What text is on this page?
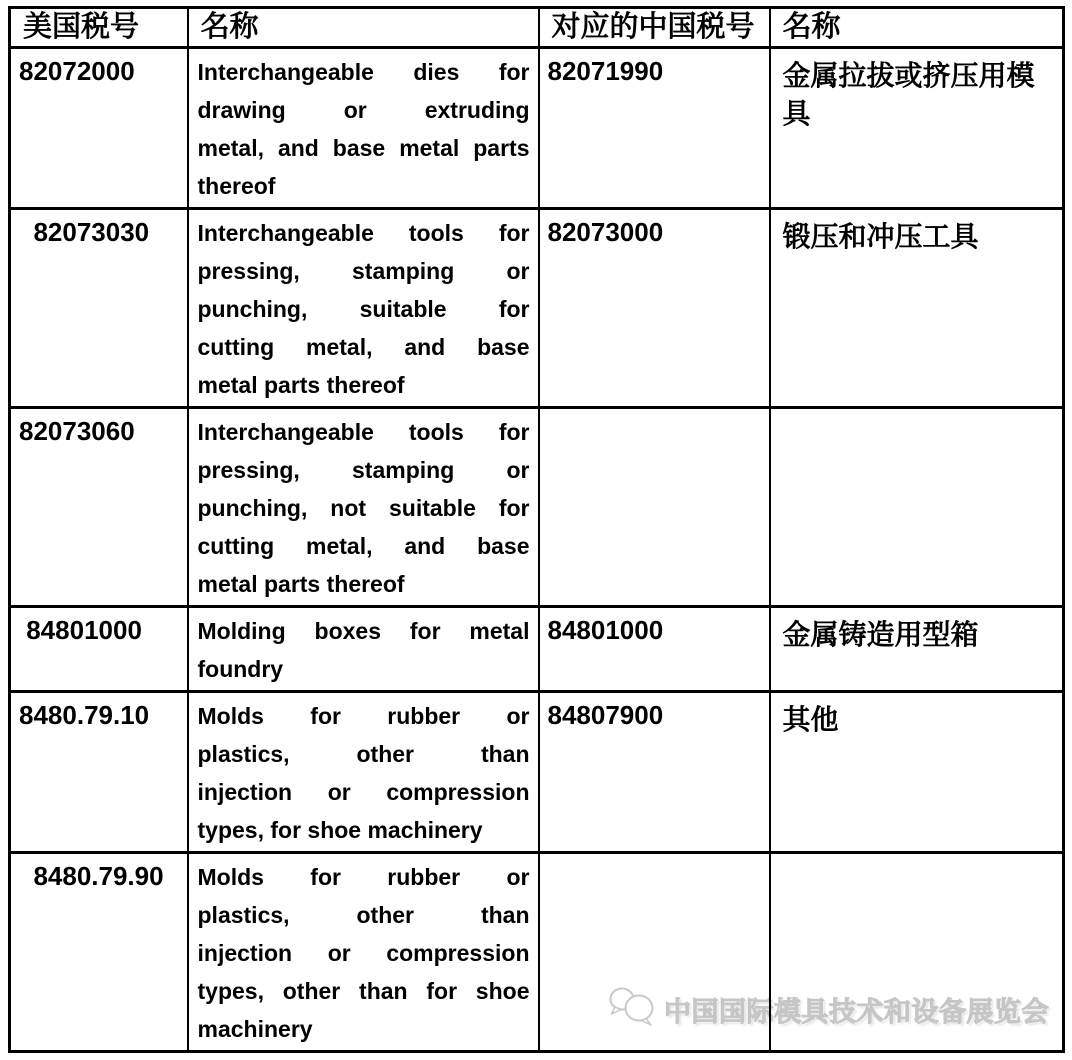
中国国际模具技术和设备展览会
美国税号	名称	对应的中国税号	名称
82072000	Interchangeable dies for
drawing or extruding
metal, and base metal parts
thereof	82071990	金属拉拔或挤压用模具
82073030	Interchangeable tools for
pressing, stamping or
punching, suitable for
cutting metal, and base
metal parts thereof	82073000	锻压和冲压工具
82073060	Interchangeable tools for
pressing, stamping or
punching, not suitable for
cutting metal, and base
metal parts thereof		

84801000	Molding boxes for metal
foundry	84801000	金属铸造用型箱
8480.79.10	Molds for rubber or
plastics, other than
injection or compression
types, for shoe machinery	84807900	其他
8480.79.90	Molds for rubber or
plastics, other than
injection or compression
types, other than for shoe
machinery		
